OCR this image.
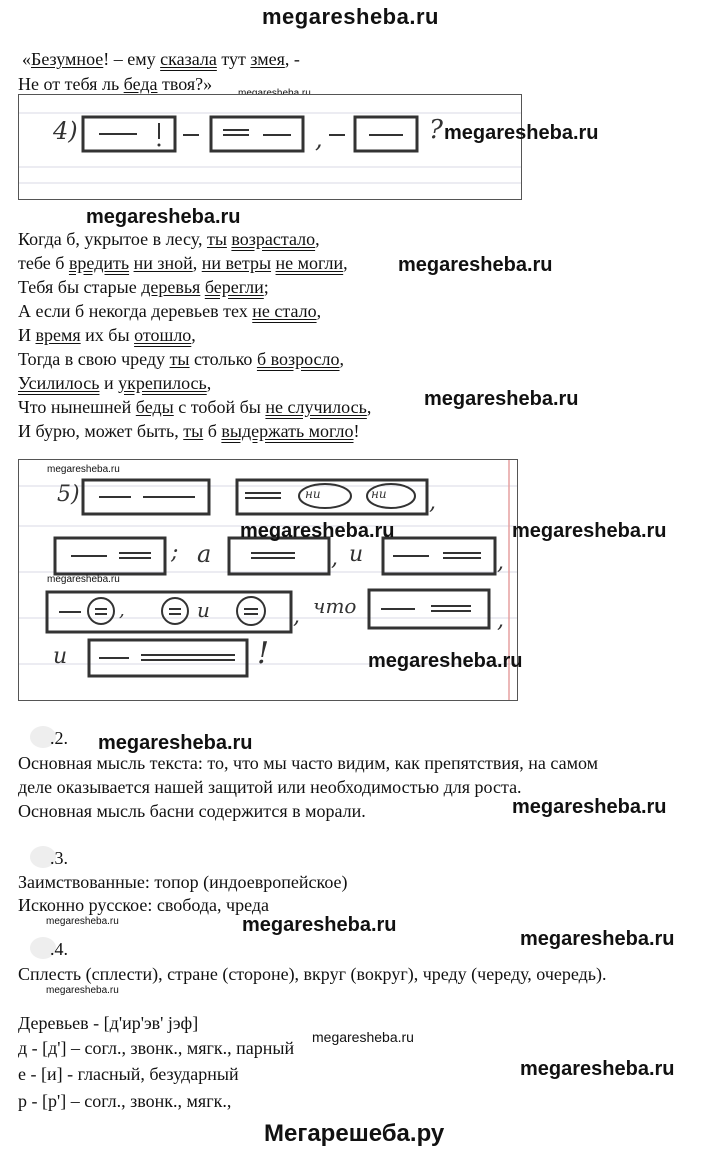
megaresheba.ru
«Безумное! – ему сказала тут змея, -
Не от тебя ль беда твоя?»
4)	,	? megaresheba.ru
megaresheba.ru
Когда б, укрытое в лесу, ты возрастало,
тебе б вредить ни зной, ни ветры не могли,
Тебя бы старые деревья берегли;
А если б некогда деревьев тех не стало,
И время их бы отошло,
Тогда в свою чреду ты столько б возросло,
Усилилось и укрепилось,
Что нынешней беды с тобой бы не случилось,
И бурю, может быть, ты б выдержать могло!
megaresheba.ru
megaresheba.ru
5)	ни	ни ,
; а	, и	,
,	и	, что
,
и	!
megaresheba.ru
megaresheba.ru
megaresheba.ru	megaresheba.ru
megaresheba.ru
.2. megaresheba.ru
Основная мысль текста: то, что мы часто видим, как препятствия, на самом
деле оказывается нашей защитой или необходимостью для роста.
Основная мысль басни содержится в морали.	megaresheba.ru
.3.
Заимствованные: топор (индоевропейское)
Исконно русское: свобода, чреда
megaresheba.ru	megaresheba.ru
megaresheba.ru
.4.
Сплесть (сплести), стране (стороне), вкруг (вокруг), чреду (череду, очередь).
megaresheba.ru
Деревьев - [д'ир'эв' јэф]
д - [д'] – согл., звонк., мягк., парный
megaresheba.ru
е - [и] - гласный, безударный	megaresheba.ru
р - [р'] – согл., звонк., мягк.,
Мегарешеба.ру
